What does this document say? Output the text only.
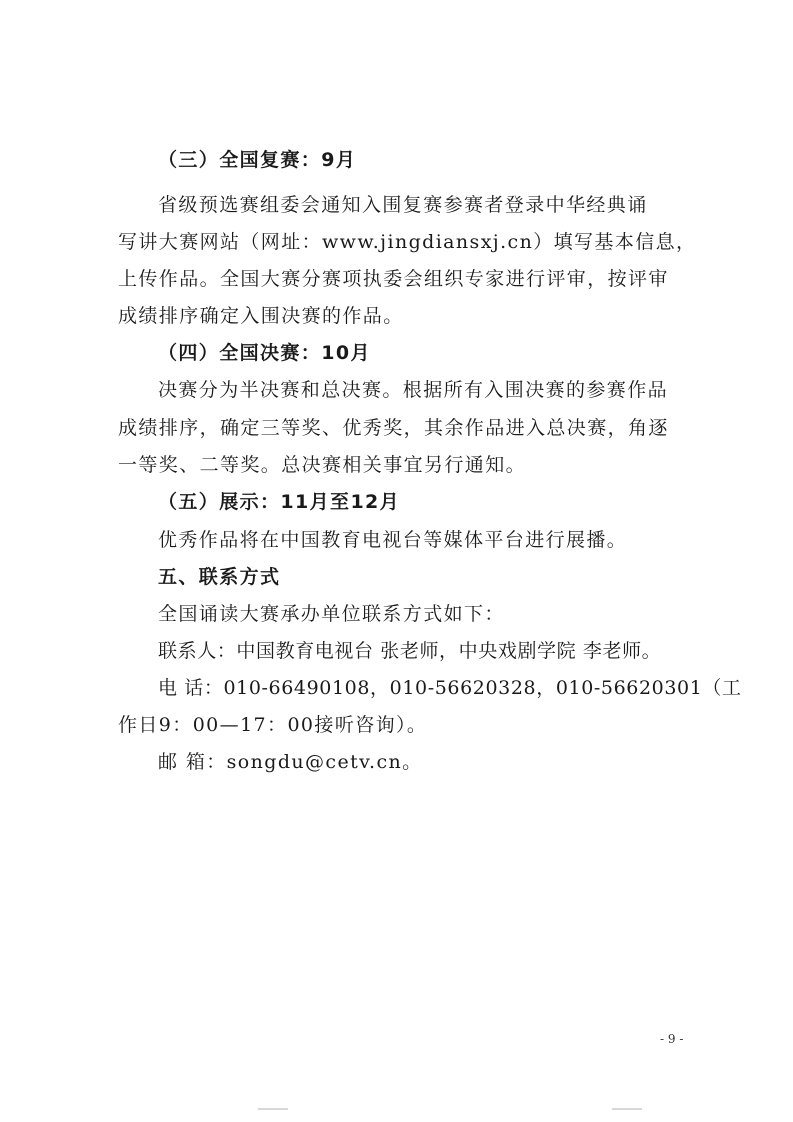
（三）全国复赛：9月
省级预选赛组委会通知入围复赛参赛者登录中华经典诵
写讲大赛网站（网址：www.jingdiansxj.cn）填写基本信息，
上传作品。全国大赛分赛项执委会组织专家进行评审，按评审
成绩排序确定入围决赛的作品。
（四）全国决赛：10月
决赛分为半决赛和总决赛。根据所有入围决赛的参赛作品
成绩排序，确定三等奖、优秀奖，其余作品进入总决赛，角逐
一等奖、二等奖。总决赛相关事宜另行通知。
（五）展示：11月至12月
优秀作品将在中国教育电视台等媒体平台进行展播。
五、联系方式
全国诵读大赛承办单位联系方式如下：
联系人：中国教育电视台 张老师，中央戏剧学院 李老师。
电 话：010-66490108，010-56620328，010-56620301（工
作日9：00—17：00接听咨询）。
邮 箱：songdu@cetv.cn。
- 9 -
